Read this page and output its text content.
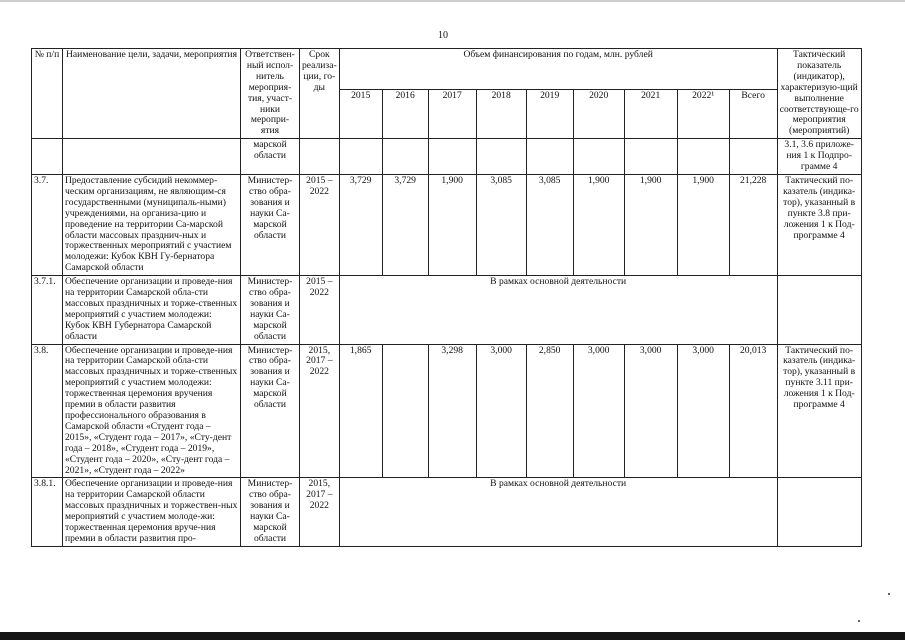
10
№ п/п	Наименование цели, задачи, мероприятия	Ответствен-ный испол-нитель мероприя-тия, участ-ники меропри-ятия	Срок реализа-ции, го-ды	Объем финансирования по годам, млн. рублей									Тактический показатель (индикатор), характеризую-щий выполнение соответствующе-го мероприятия (мероприятий)
				2015	2016	2017	2018	2019	2020	2021	2022¹	Всего	
		марской области											3.1, 3.6 приложе-ния 1 к Подпро-грамме 4
3.7.	Предоставление субсидий некоммер-ческим организациям, не являющим-ся государственными (муниципаль-ными) учреждениями, на организа-цию и проведение на территории Са-марской области массовых празднич-ных и торжественных мероприятий с участием молодежи: Кубок КВН Гу-бернатора Самарской области	Министер-ство обра-зования и науки Са-марской области	2015 – 2022	3,729	3,729	1,900	3,085	3,085	1,900	1,900	1,900	21,228	Тактический по-казатель (индика-тор), указанный в пункте 3.8 при-ложения 1 к Под-программе 4
3.7.1.	Обеспечение организации и проведе-ния на территории Самарской обла-сти массовых праздничных и торже-ственных мероприятий с участием молодежи: Кубок КВН Губернатора Самарской области	Министер-ство обра-зования и науки Са-марской области	2015 – 2022	В рамках основной деятельности									
3.8.	Обеспечение организации и проведе-ния на территории Самарской обла-сти массовых праздничных и торже-ственных мероприятий с участием молодежи: торжественная церемония вручения премии в области развития профессионального образования в Самарской области «Студент года – 2015», «Студент года – 2017», «Сту-дент года – 2018», «Студент года – 2019», «Студент года – 2020», «Сту-дент года – 2021», «Студент года – 2022»	Министер-ство обра-зования и науки Са-марской области	2015, 2017 – 2022	1,865		3,298	3,000	2,850	3,000	3,000	3,000	20,013	Тактический по-казатель (индика-тор), указанный в пункте 3.11 при-ложения 1 к Под-программе 4
3.8.1.	Обеспечение организации и проведе-ния на территории Самарской области массовых праздничных и торжествен-ных мероприятий с участием молоде-жи: торжественная церемония вруче-ния премии в области развития про-	Министер-ство обра-зования и науки Са-марской области	2015, 2017 – 2022	В рамках основной деятельности									
